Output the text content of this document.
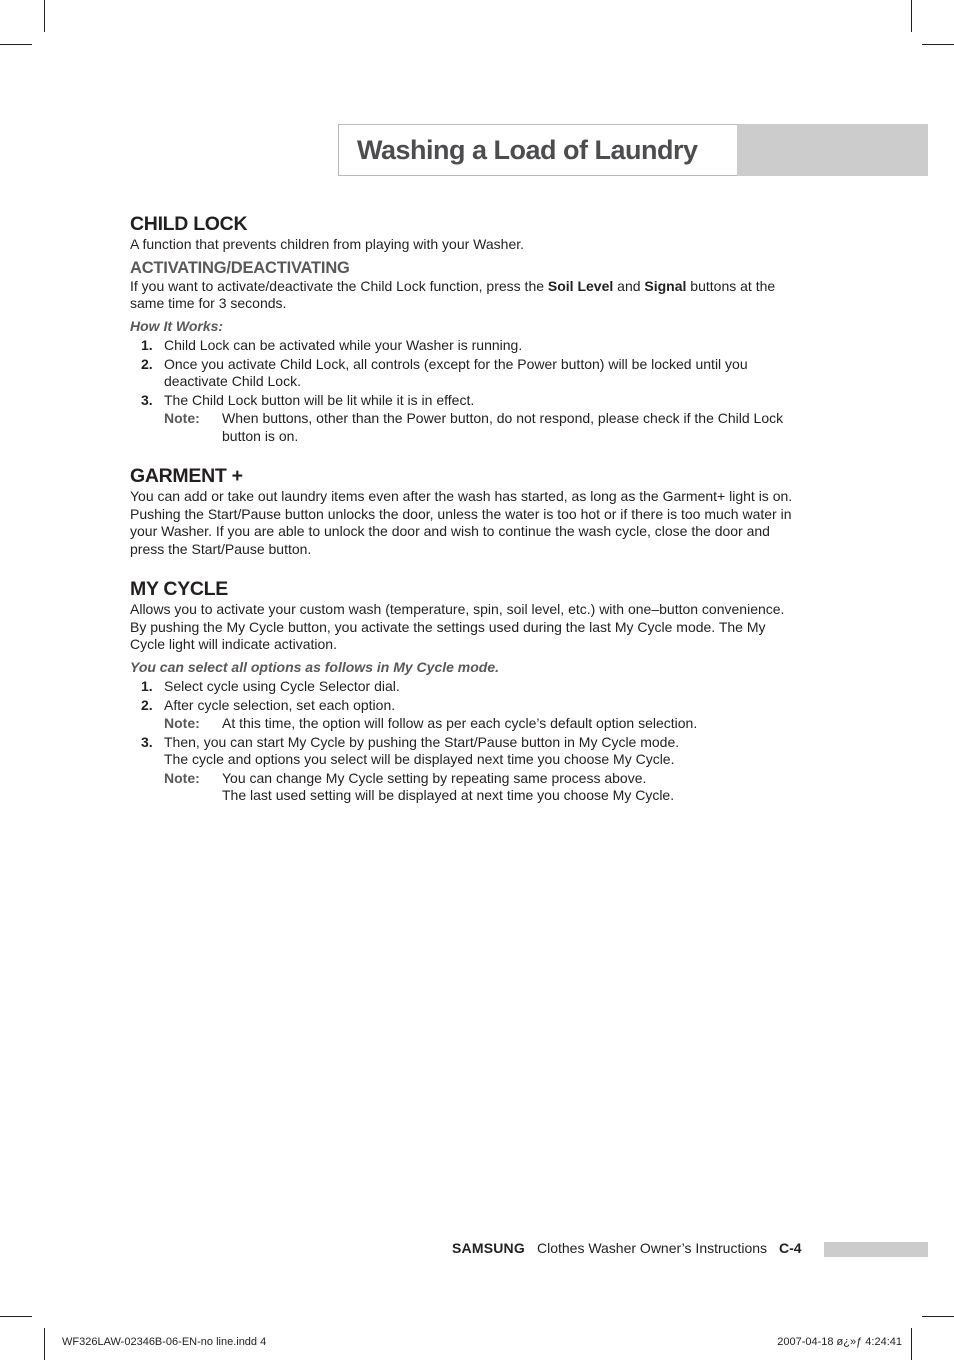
Washing a Load of Laundry
CHILD LOCK

A function that prevents children from playing with your Washer.

ACTIVATING/DEACTIVATING

If you want to activate/deactivate the Child Lock function, press the Soil Level and Signal buttons at the same time for 3 seconds.

How It Works:

1. Child Lock can be activated while your Washer is running.
2. Once you activate Child Lock, all controls (except for the Power button) will be locked until you deactivate Child Lock.
3. The Child Lock button will be lit while it is in effect.
Note: When buttons, other than the Power button, do not respond, please check if the Child Lock button is on.
GARMENT +

You can add or take out laundry items even after the wash has started, as long as the Garment+ light is on. Pushing the Start/Pause button unlocks the door, unless the water is too hot or if there is too much water in your Washer. If you are able to unlock the door and wish to continue the wash cycle, close the door and press the Start/Pause button.

MY CYCLE

Allows you to activate your custom wash (temperature, spin, soil level, etc.) with one–button convenience.

By pushing the My Cycle button, you activate the settings used during the last My Cycle mode. The My Cycle light will indicate activation.

You can select all options as follows in My Cycle mode.

1. Select cycle using Cycle Selector dial.
2. After cycle selection, set each option.
Note: At this time, the option will follow as per each cycle’s default option selection.
3. Then, you can start My Cycle by pushing the Start/Pause button in My Cycle mode.
The cycle and options you select will be displayed next time you choose My Cycle.
Note: You can change My Cycle setting by repeating same process above.
The last used setting will be displayed at next time you choose My Cycle.
SAMSUNG Clothes Washer Owner’s Instructions C-4
WF326LAW-02346B-06-EN-no line.indd 4	2007-04-18 ø¿»ƒ 4:24:41
